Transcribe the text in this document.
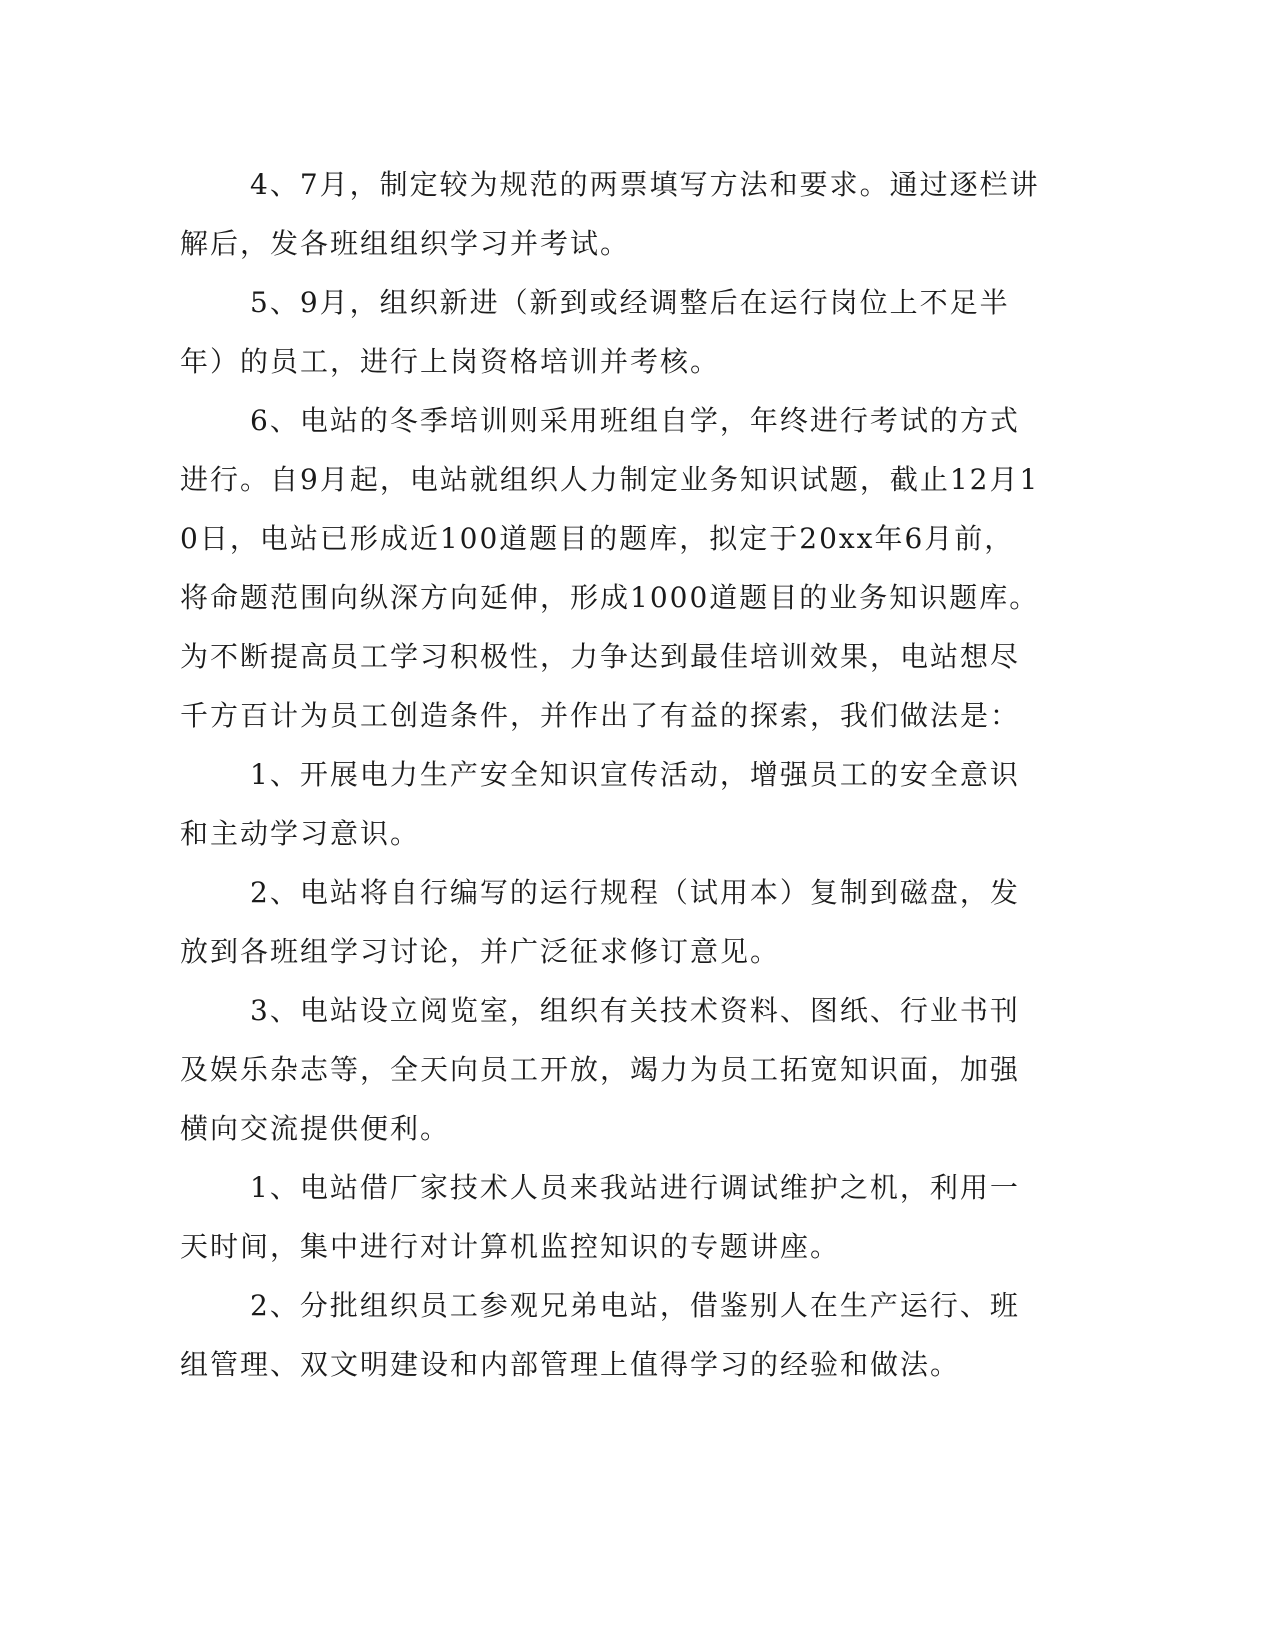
4、7月，制定较为规范的两票填写方法和要求。通过逐栏讲解后，发各班组组织学习并考试。

5、9月，组织新进（新到或经调整后在运行岗位上不足半年）的员工，进行上岗资格培训并考核。

6、电站的冬季培训则采用班组自学，年终进行考试的方式进行。自9月起，电站就组织人力制定业务知识试题，截止12月10日，电站已形成近100道题目的题库，拟定于20xx年6月前，将命题范围向纵深方向延伸，形成1000道题目的业务知识题库。为不断提高员工学习积极性，力争达到最佳培训效果，电站想尽千方百计为员工创造条件，并作出了有益的探索，我们做法是：

1、开展电力生产安全知识宣传活动，增强员工的安全意识和主动学习意识。

2、电站将自行编写的运行规程（试用本）复制到磁盘，发放到各班组学习讨论，并广泛征求修订意见。

3、电站设立阅览室，组织有关技术资料、图纸、行业书刊及娱乐杂志等，全天向员工开放，竭力为员工拓宽知识面，加强横向交流提供便利。

1、电站借厂家技术人员来我站进行调试维护之机，利用一天时间，集中进行对计算机监控知识的专题讲座。

2、分批组织员工参观兄弟电站，借鉴别人在生产运行、班组管理、双文明建设和内部管理上值得学习的经验和做法。
